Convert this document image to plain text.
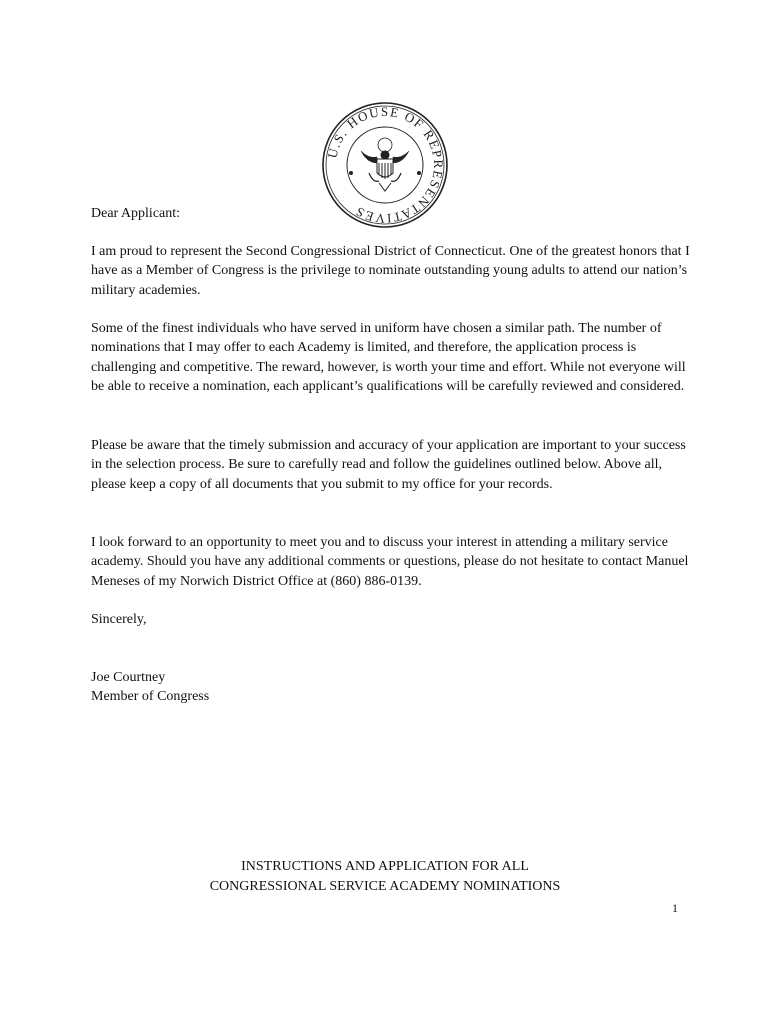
U.S. HOUSE OF REPRESENTATIVES
Dear Applicant:

I am proud to represent the Second Congressional District of Connecticut. One of the greatest honors that I have as a Member of Congress is the privilege to nominate outstanding young adults to attend our nation’s military academies.

Some of the finest individuals who have served in uniform have chosen a similar path. The number of nominations that I may offer to each Academy is limited, and therefore, the application process is challenging and competitive. The reward, however, is worth your time and effort. While not everyone will be able to receive a nomination, each applicant’s qualifications will be carefully reviewed and considered.

Please be aware that the timely submission and accuracy of your application are important to your success in the selection process. Be sure to carefully read and follow the guidelines outlined below. Above all, please keep a copy of all documents that you submit to my office for your records.

I look forward to an opportunity to meet you and to discuss your interest in attending a military service academy. Should you have any additional comments or questions, please do not hesitate to contact Manuel Meneses of my Norwich District Office at (860) 886-0139.

Sincerely,
Joe Courtney
Member of Congress
INSTRUCTIONS AND APPLICATION FOR ALL
CONGRESSIONAL SERVICE ACADEMY NOMINATIONS
1
